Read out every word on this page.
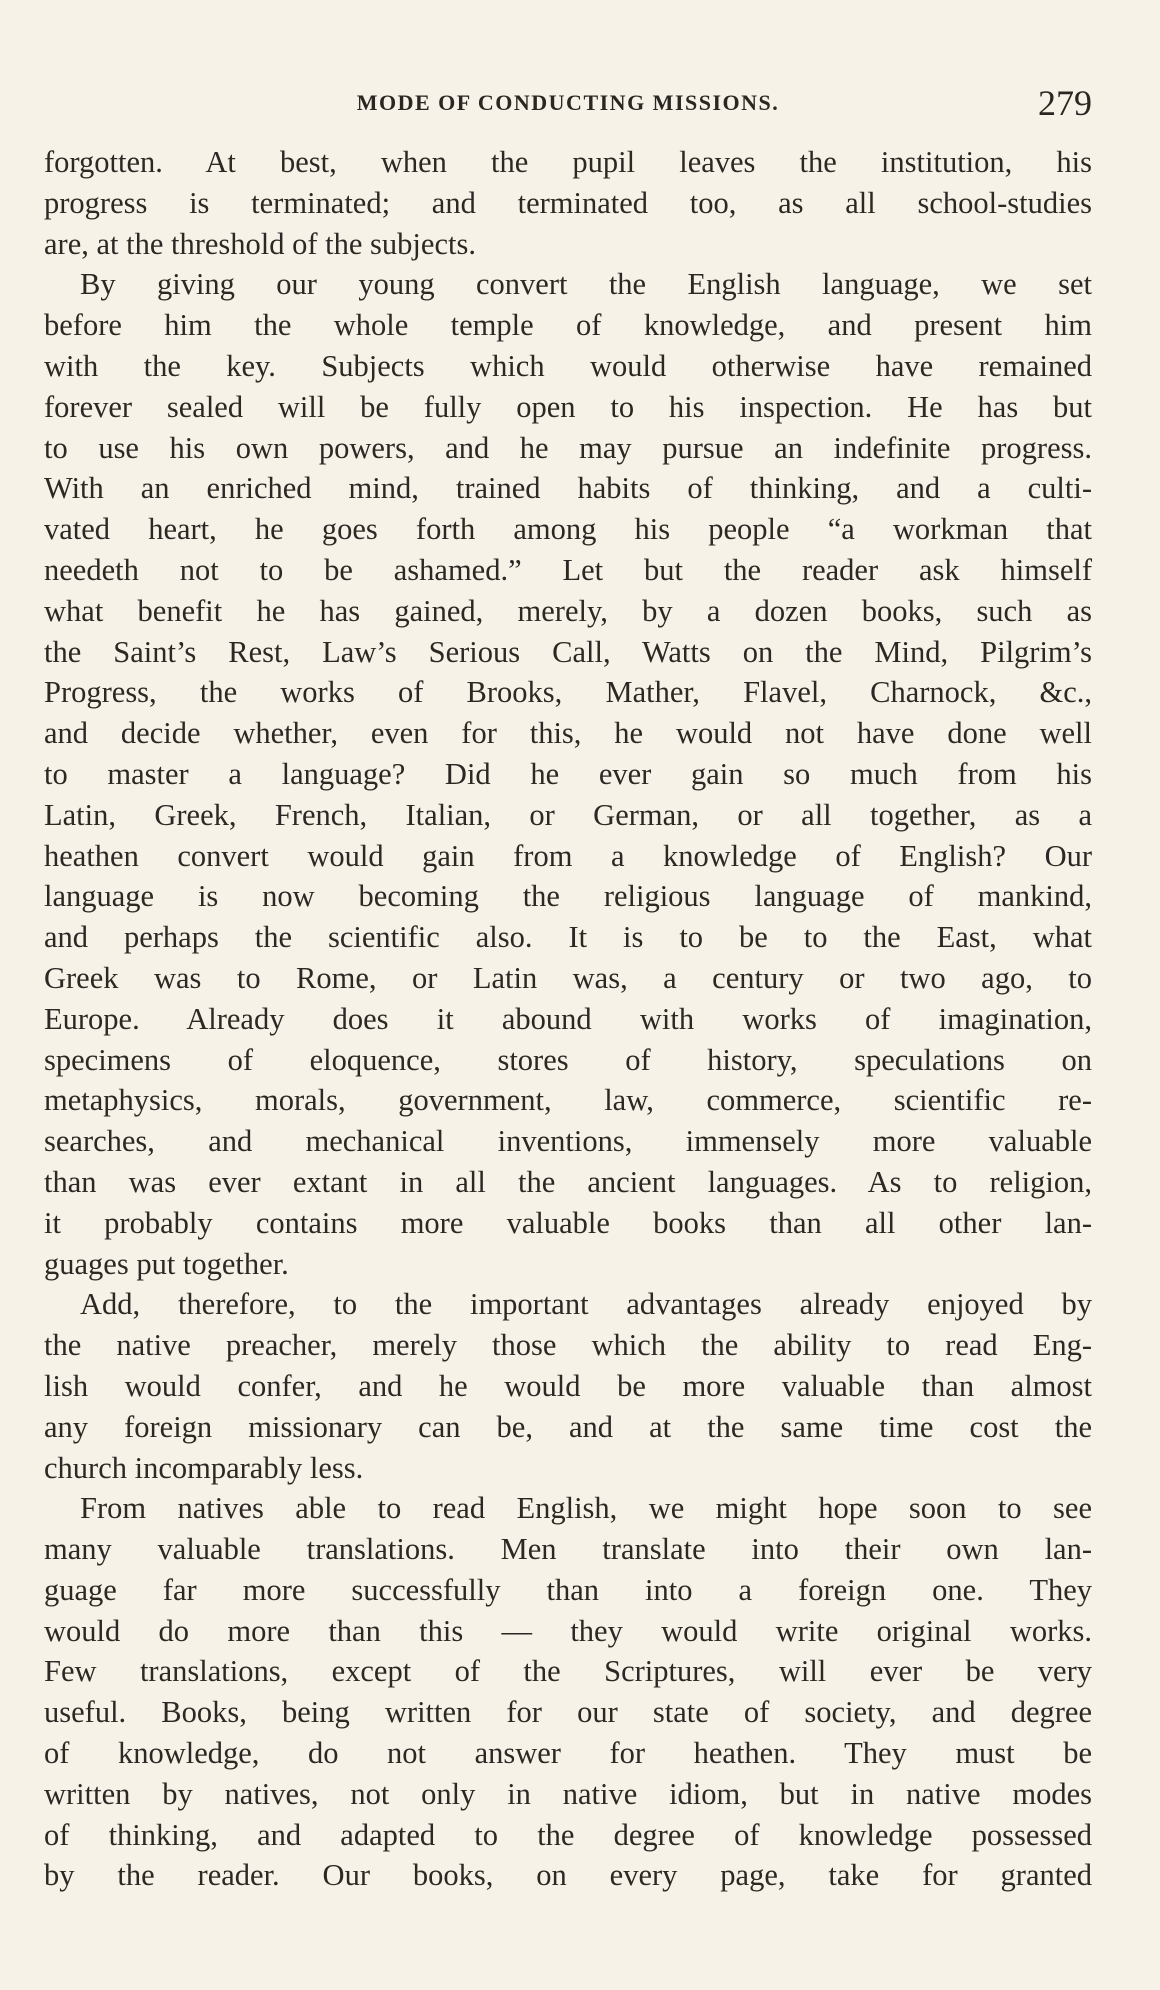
MODE OF CONDUCTING MISSIONS.	279
forgotten. At best, when the pupil leaves the institution, his
progress is terminated; and terminated too, as all school-studies
are, at the threshold of the subjects.
By giving our young convert the English language, we set
before him the whole temple of knowledge, and present him
with the key. Subjects which would otherwise have remained
forever sealed will be fully open to his inspection. He has but
to use his own powers, and he may pursue an indefinite progress.
With an enriched mind, trained habits of thinking, and a culti-
vated heart, he goes forth among his people “a workman that
needeth not to be ashamed.” Let but the reader ask himself
what benefit he has gained, merely, by a dozen books, such as
the Saint’s Rest, Law’s Serious Call, Watts on the Mind, Pilgrim’s
Progress, the works of Brooks, Mather, Flavel, Charnock, &c.,
and decide whether, even for this, he would not have done well
to master a language? Did he ever gain so much from his
Latin, Greek, French, Italian, or German, or all together, as a
heathen convert would gain from a knowledge of English? Our
language is now becoming the religious language of mankind,
and perhaps the scientific also. It is to be to the East, what
Greek was to Rome, or Latin was, a century or two ago, to
Europe. Already does it abound with works of imagination,
specimens of eloquence, stores of history, speculations on
metaphysics, morals, government, law, commerce, scientific re-
searches, and mechanical inventions, immensely more valuable
than was ever extant in all the ancient languages. As to religion,
it probably contains more valuable books than all other lan-
guages put together.
Add, therefore, to the important advantages already enjoyed by
the native preacher, merely those which the ability to read Eng-
lish would confer, and he would be more valuable than almost
any foreign missionary can be, and at the same time cost the
church incomparably less.
From natives able to read English, we might hope soon to see
many valuable translations. Men translate into their own lan-
guage far more successfully than into a foreign one. They
would do more than this — they would write original works.
Few translations, except of the Scriptures, will ever be very
useful. Books, being written for our state of society, and degree
of knowledge, do not answer for heathen. They must be
written by natives, not only in native idiom, but in native modes
of thinking, and adapted to the degree of knowledge possessed
by the reader. Our books, on every page, take for granted
